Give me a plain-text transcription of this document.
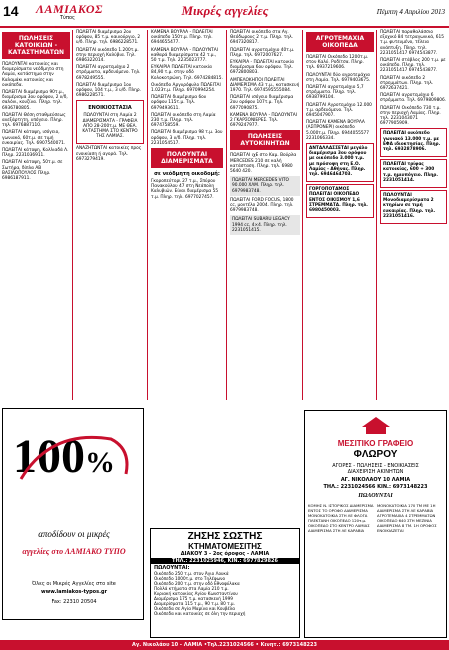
14 ΛΑΜΙΑΚΟΣ
Τύπος	Μικρές αγγελίες	Πέμπτη 4 Απριλίου 2013
ΠΩΛΗΣΕΙΣ ΚΑΤΟΙΚΙΩΝ - ΚΑΤΑΣΤΗΜΑΤΩΝ

ΠΩΛΟΥΝΤΑΙ κατοικίες και διαμερίσματα νεόδμητα στη Λαμία, κατάστημα στην Καλαμάκι κατοικίες και οικόπεδα.

ΠΩΛΕΙΤΑΙ διαμέρισμα 90τ.μ., διαμέρισμα 3ου ορόφου, 2 υ/δ, σαλόνι, κουζίνα. Πληρ. τηλ. 6936780805.

ΠΩΛΕΙΤΑΙ Θέση σταθμεύσεως ανεξάρτητη, υπόγειο. Πληρ. τηλ. 6976887110.

ΠΩΛΕΙΤΑΙ κάτοψη, ισόγειο, γωνιακό, 60τ.μ. σε τιμή ευκαιρίας. Τηλ. 6907540071.

ΠΩΛΕΙΤΑΙ κάτοψη, Κολλιαδά Λ. Πληρ. 2231036911.

ΠΩΛΕΙΤΑΙ κάτοψη, 50τ.μ. σε Σωτήρα, δίπλα ΑΒ ΒΑΣΙΛΟΠΟΥΛΟΣ Πληρ. 6986187911.

ΠΩΛΕΙΤΑΙ διαμέρισμα 2ου ορόφου, 85 τ.μ. καινούργιο, 2 υ/δ. Πληρ. τηλ. 6986228571.

ΠΩΛΕΙΤΑΙ οικόπεδο 1.200τ.μ. στην περιοχή Καλύβια. Τηλ. 6986322014.

ΠΩΛΕΙΤΑΙ αγροτεμάχιο 2 στρέμματα, αρδευόμενο. Τηλ. 6978249555.

ΠΩΛΕΙΤΑΙ διαμέρισμα 1ου ορόφου, 104 τ.μ., 3 υ/δ. Πληρ. 6986228571.

ΕΝΟΙΚΙΟΣΤΑΣΙΑ

ΠΩΛΟΥΝΤΑΙ στη Λαμία 2 ΔΙΑΜΕΡΙΣΜΑΤΑ - ΓΡΑΦΕΙΑ ΑΠΟ 28-200τ.μ. ΜΕ ΘΕΑ. ΚΑΤΑΣΤΗΜΑ ΣΤΟ ΚΕΝΤΡΟ ΤΗΣ ΛΑΜΙΑΣ.

ΑΝΑΖΗΤΩΝΤΑΙ κατοικίες προς ενοικίαση ή αγορά. Τηλ. 6973279419.

ΚΑΜΕΝΑ ΒΟΥΡΛΑ - ΠΩΛΕΙΤΑΙ οικόπεδο 150τ.μ. Πληρ. τηλ. 6944655477.

ΚΑΜΕΝΑ ΒΟΥΡΛΑ - ΠΩΛΟΥΝΤΑΙ καθαρά διαμερίσματα 42 τ.μ., 50 τ.μ. Τηλ. 2235023777.

ΕΥΚΑΙΡΙΑ ΠΩΛΕΙΤΑΙ κατοικία 84,90 τ.μ. στην οδό Κολοκοτρώνη. Τηλ. 6974284815.

Οικόπεδο Αργυρόφυλο ΠΩΛΕΙΤΑΙ 1.023τ.μ. Πληρ. 6970994254.

ΠΩΛΕΙΤΑΙ διαμέρισμα 6ου ορόφου 115τ.μ. Τηλ. 6979493611.

ΠΩΛΕΙΤΑΙ οικόπεδο στη Λαμία 230 τ.μ. Πληρ. τηλ. 6974758559.

ΠΩΛΕΙΤΑΙ διαμέρισμα 98 τ.μ. 3ου ορόφου, 3 υ/δ. Πληρ. τηλ. 2231054517.

ΠΟΛΟΥΝΤΑΙ ΔΙΑΜΕΡΙΣΜΑΤΑ
σε νεόδμητη οικοδομή:

Γκοροπεύτορι 27 τ.μ., Σπύρου Πανακούλου 47 στη Νεάπολη Καλυβιών. Είναι διαμέρισμα 55 τ.μ. Πληρ. τηλ. 6977027457.

ΠΩΛΕΙΤΑΙ οικόπεδο στα Αγ. Θεόδωρους 2 τ.μ. Πληρ. τηλ. 6947320817.

ΠΩΛΕΙΤΑΙ αγροτεμάχιο 40τ.μ. Πληρ. τηλ. 6972007627.

ΕΥΚΑΙΡΙΑ - ΠΩΛΕΙΤΑΙ κατοικία διαμέρισμα 6ου ορόφου. Τηλ. 6972800803.

ΑΜΠΕΛΟΚΗΠΟΙ ΠΩΛΕΙΤΑΙ ΔΙΑΜΕΡΙΣΜΑ 43 τ.μ., κατασκευή 1970. Τηλ. 6974595555084.

ΠΩΛΕΙΤΑΙ ισόγειο διαμέρισμα 2ου ορόφου 107τ.μ. Τηλ. 6977090875.

ΚΑΜΕΝΑ ΒΟΥΡΛΑ - ΠΩΛΟΥΝΤΑΙ 2 ΓΚΑΡΣΟΝΙΕΡΕΣ. Τηλ. 6979247977.

ΠΩΛΗΣΕΙΣ ΑΥΤΟΚΙΝΗΤΩΝ

ΠΩΛΕΙΤΑΙ ιχΕ στο Καμ. Βούρλα MERCEDES 210 σε καλή κατάσταση. Πληρ. τηλ. 6980 5640 420.

ΠΩΛΕΙΤΑΙ MERCEDES VITO 90.000 ΧΛΜ. Πληρ. τηλ. 6979983748.

ΠΩΛΕΙΤΑΙ FORD FOCUS, 1800 cc, μοντέλο 2004. Πληρ. τηλ. 6979983748.

ΠΩΛΕΙΤΑΙ SUBARU LEGACY 1994 cc, 4×4. Πληρ. τηλ. 2231051415.

ΑΓΡΟΤΕΜΑΧΙΑ ΟΙΚΟΠΕΔΑ

ΠΩΛΕΙΤΑΙ Οικόπεδο 1200τ.μ. στον Καλύ. Ροδίτσα. Πληρ. τηλ. 6937219606.

ΠΩΛΟΥΝΤΑΙ δύο αγροτεμάχια στη Λαμία. Τηλ. 6979403675.

ΠΩΛΕΙΤΑΙ αγροτεμάχιο 5,7 στρέμματα. Πληρ. τηλ. 6938799104.

ΠΩΛΕΙΤΑΙ Αγροτεμάχιο 12.000 τ.μ. αρδευόμενο. Τηλ. 6945047907.

ΠΩΛΕΙΤΑΙ ΚΑΜΕΝΑ ΒΟΥΡΛΑ (ΑΣΠΡΟΝΕΡΙ) οικόπεδο 5.000τ.μ. Πληρ. 6944055577 2231066334.

ΑΝΤΑΛΛΑΣΣΕΤΑΙ μεγάλο διαμέρισμα 3ου ορόφου με οικόπεδο 3.000 τ.μ. με πρόσοψη στη Ε.Ο. Λαμίας - Αθήνας. Πληρ. τηλ. 6946464703.

ΓΟΡΓΟΠΟΤΑΜΟΣ ΠΩΛΕΙΤΑΙ ΟΙΚΟΠΕΔΟ ΕΝΤΟΣ ΟΙΚΙΣΜΟΥ 1,6 ΣΤΡΕΜΜΑΤΑ. Πληρ. τηλ. 6980450003.

ΠΩΛΕΙΤΑΙ παραθαλάσσιο εξοχικό 84 τετραγωνικά, 615 τ.μ. φυτευμένο, τέλεια ανάπτυξη. Πληρ. τηλ. 2231051417 6974543877.

ΠΩΛΕΙΤΑΙ στάβλος 200 τ.μ. με οικόπεδο. Πληρ. τηλ. 2231051417 6974543877.

ΠΩΛΕΙΤΑΙ οικόπεδο 2 στρεμμάτων. Πληρ. τηλ. 6972637421.

ΠΩΛΕΙΤΑΙ αγροτεμάχιο 6 στρέμματα. Τηλ. 6979809806.

ΠΩΛΕΙΤΑΙ Οικόπεδο 730 τ.μ. στην περιοχή Λαμίας. Πληρ. τηλ. 2231043071 6977905909.

ΠΩΛΕΙΤΑΙ οικόπεδο γωνιακό 13.000 τ.μ. με ΕΦΑ ιδιοκτησίας. Πληρ. τηλ. 6932878906.

ΠΩΛΕΙΤΑΙ τρίφας κατοικίας, 600 + 300 τ.μ. ημιυπόγειο. Πληρ. 2231051414.

ΠΩΛΟΥΝΤΑΙ Μονοδιαμερίσματα 2 κτηρίων σε τιμή ευκαιρίας. Πληρ. τηλ. 2231051416.

100%
αποδίδουν οι μικρές
αγγελίες στο ΛΑΜΙΑΚΟ ΤΥΠΟ
Όλες οι Μικρές Αγγελίες στο site
www.lamiakos-typos.gr
Fax: 22310 20504
ΖΗΣΗΣ ΣΩΣΤΗΣ
ΚΤΗΜΑΤΟΜΕΣΙΤΗΣ
ΔΙΑΚΟΥ 3 - 2ος όροφος - ΛΑΜΙΑ
ΤΗΛ.: 2231025946, ΚΙΝ.: 6977829826
ΠΩΛΟΥΝΤΑΙ:
Οικόπεδο 250 τ.μ. στον Άγιο Λουκά
Οικόπεδο 1000τ.μ. στο Τηλέφωνο
Οικόπεδο 200 τ.μ. στην οδό Εθνοφύλακα
Πολλά κτήματα στα Λαμία 210 τ.μ.
Κυριακή κατοικίας Αγίου Κωνσταντίνου
Διαμέρισμα 175 τ.μ. κατασκευή 1999
Διαμερίσματα 115 τ.μ., 90 τ.μ. 80 τ.μ.
Οικόπεδα σε Αγία Μαρίνα και Κουβέλα
Οικόπεδα και κατοικίες σε όλη την περιοχή
ΜΕΣΙΤΙΚΟ ΓΡΑΦΕΙΟ
ΦΛΩΡΟΥ
ΑΓΟΡΕΣ - ΠΩΛΗΣΕΙΣ - ΕΝΟΙΚΙΑΣΕΙΣ
ΔΙΑΧΕΙΡΙΣΗ ΑΚΙΝΗΤΩΝ
ΑΓ. ΝΙΚΟΛΑΟΥ 10 ΛΑΜΙΑ
ΤΗΛ.: 2231024566 ΚΙΝ.: 6973148223
ΠΩΛΟΥΝΤΑΙ
ΚΟΜΗΣ Ν. ΙΣΤΟΡΙΚΟΣ ΔΙΑΜΕΡΙΣΜΑ
ΕΝΤΟΣ ΤΟ ΟΡΟΦΟ ΔΙΑΜΕΡΙΣΜΑ
ΜΟΝΟΚΑΤΟΙΚΙΑ ΣΤΗ ΛΕ ΦΛΟΓΑ
ΠΛΕΚΤΑΝΗ ΟΙΚΟΠΕΔΟ 120τ.μ.
ΟΙΚΟΠΕΔΟ ΣΤΟ ΚΕΝΤΡΟ ΛΑΜΙΑΣ
ΔΙΑΜΕΡΙΣΜΑ ΣΤΗ ΛΕ ΚΑΡΑΒΙΑ
ΜΟΝΟΚΑΤΟΙΚΙΑ 170 ΤΜ ΜΕ 1Η
ΔΙΑΜΕΡΙΣΜΑ ΣΤΗ ΛΕ ΚΑΡΑΒΙΑ
ΑΓΡΟΤΕΜΑΧΙΑ 4 ΣΤΡΕΜΜΑΤΩΝ
ΟΙΚΟΠΕΔΟ 640 ΣΤΗ ΜΕΖΙΝΙΑ
ΔΙΑΜΕΡΙΣΜΑ 8 ΤΜ. 1Η ΟΡΟΦΟΣ
ΕΝΟΙΚΙΑΖΕΤΑΙ
Αγ. Νικολάου 10 - ΛΑΜΙΑ •Τηλ.2231024566 • Κινητ.: 6973148223
